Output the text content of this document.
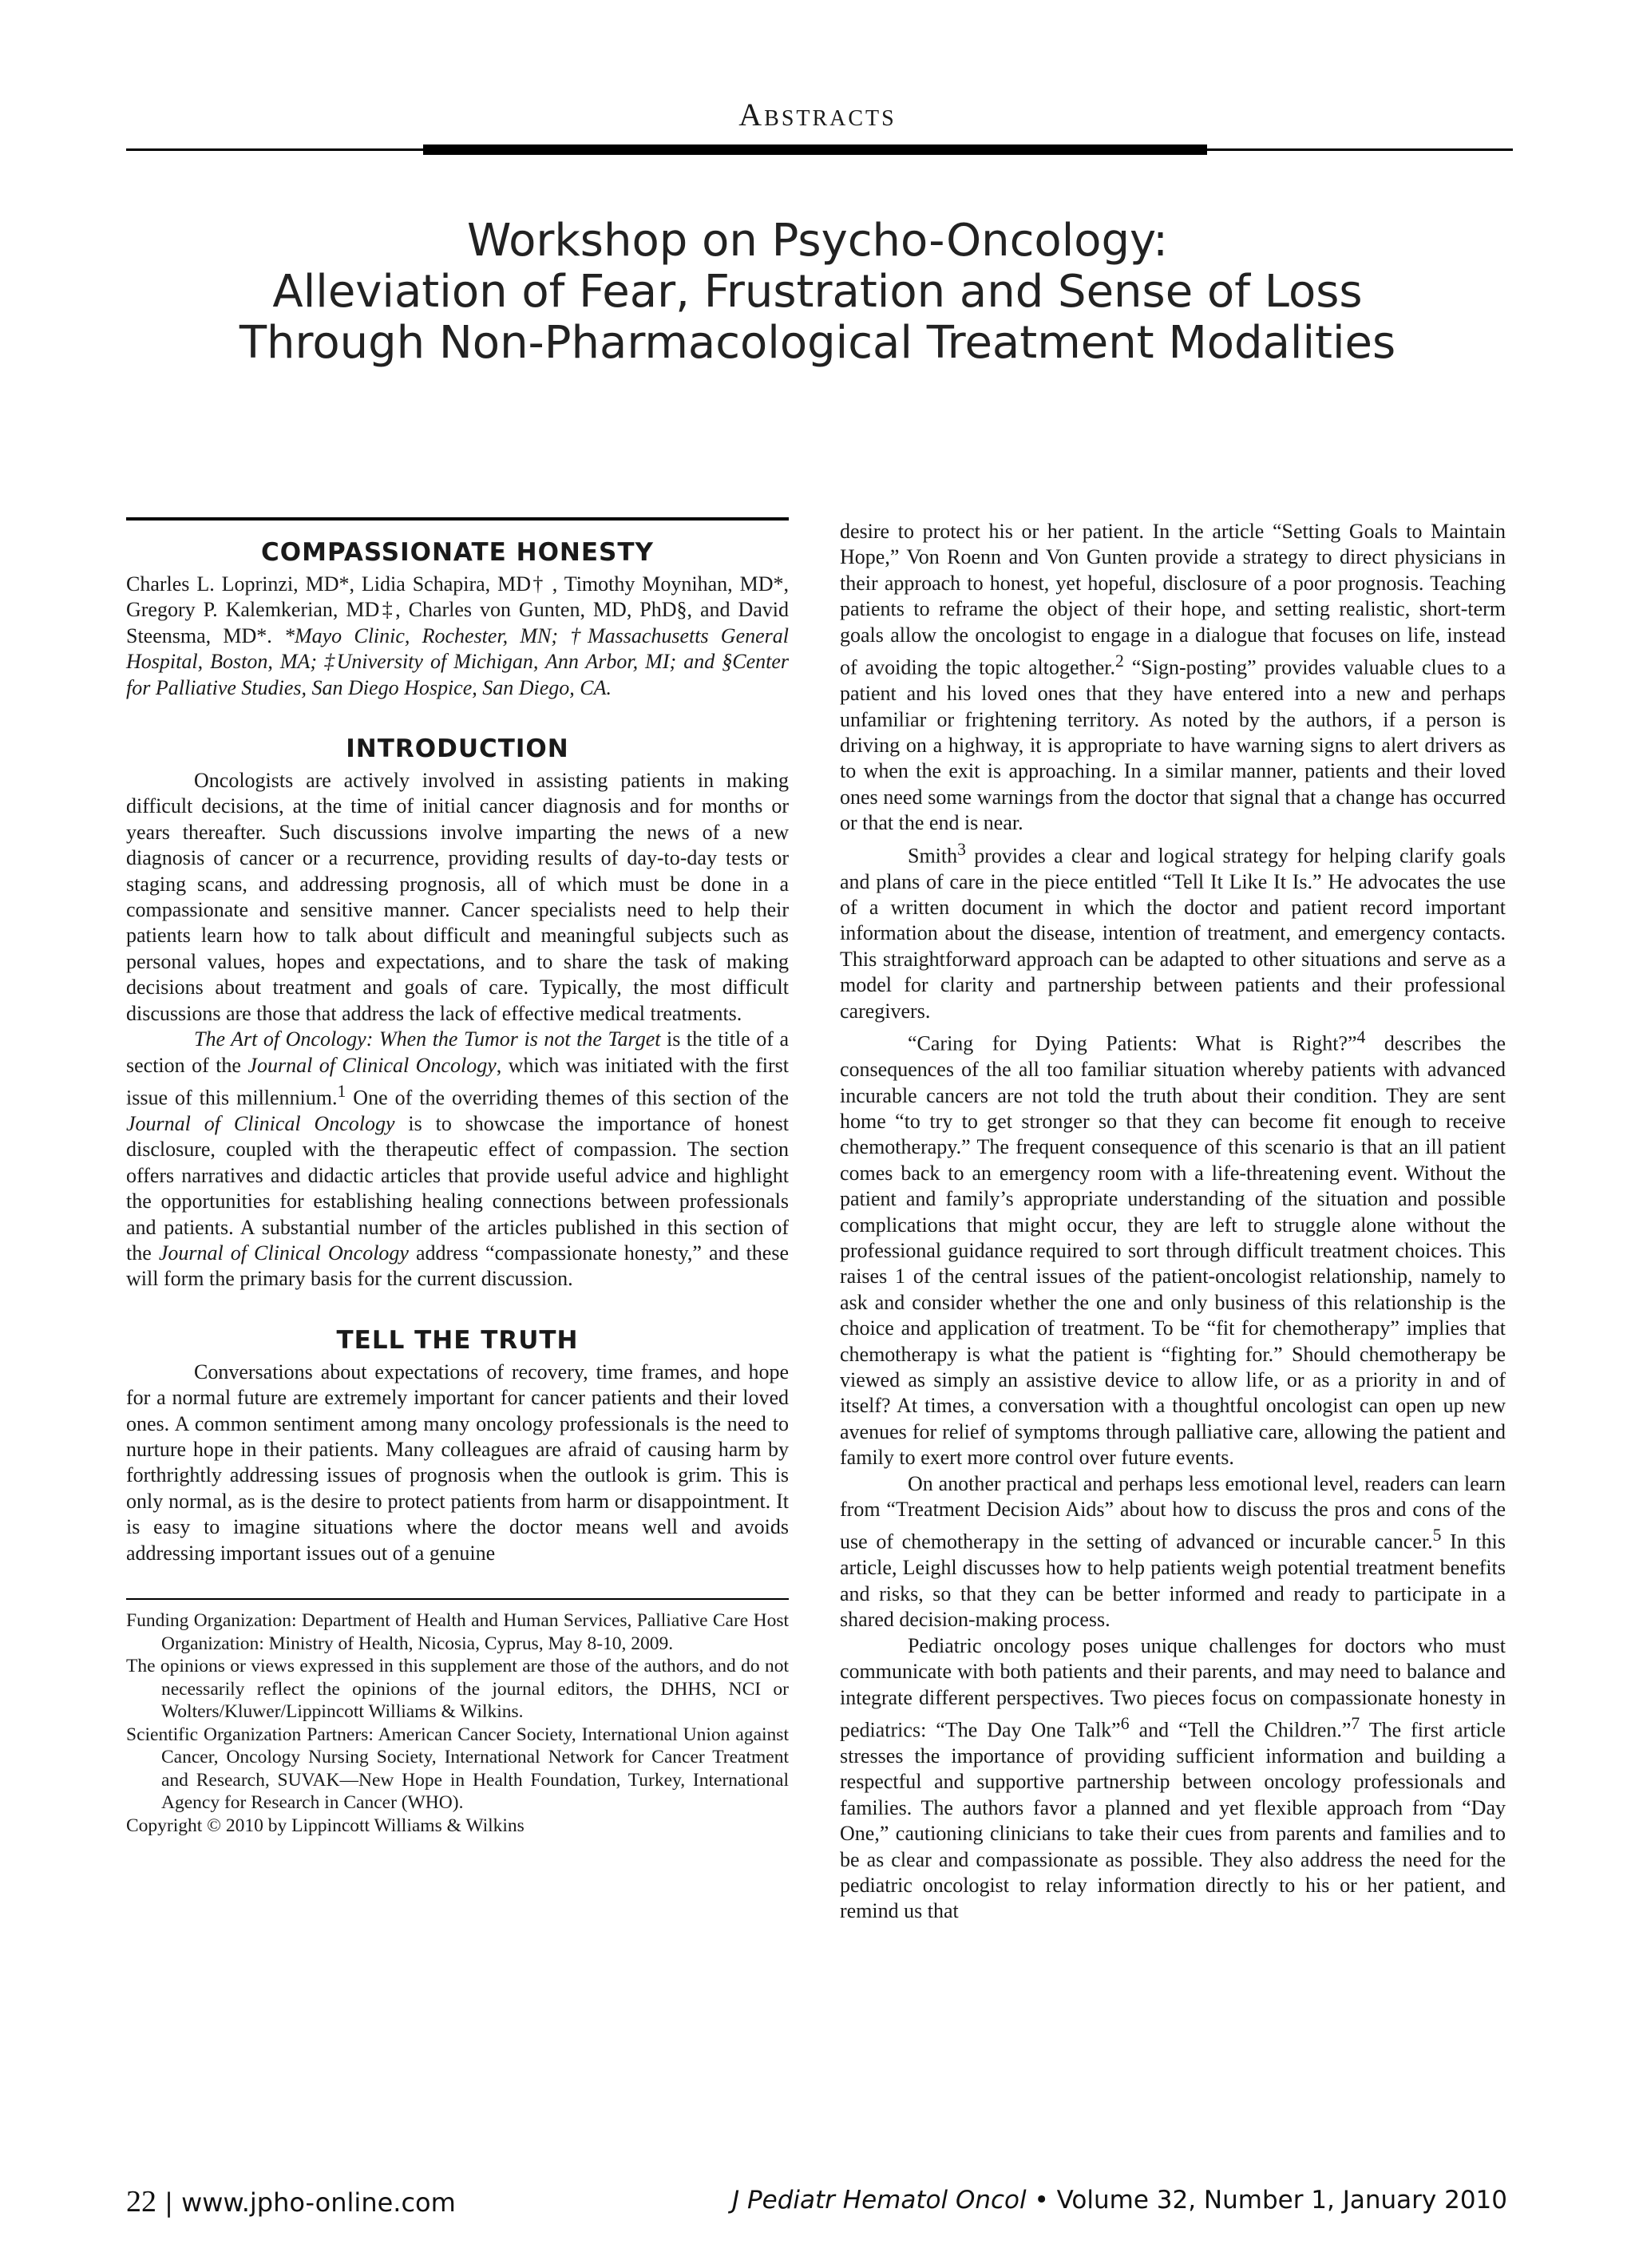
Abstracts
Workshop on Psycho-Oncology:
Alleviation of Fear, Frustration and Sense of Loss
Through Non-Pharmacological Treatment Modalities
COMPASSIONATE HONESTY
Charles L. Loprinzi, MD*, Lidia Schapira, MD† , Timothy Moynihan, MD*, Gregory P. Kalemkerian, MD‡, Charles von Gunten, MD, PhD§, and David Steensma, MD*. *Mayo Clinic, Rochester, MN; †Massachusetts General Hospital, Boston, MA; ‡University of Michigan, Ann Arbor, MI; and §Center for Palliative Studies, San Diego Hospice, San Diego, CA.
INTRODUCTION

Oncologists are actively involved in assisting patients in making difficult decisions, at the time of initial cancer diagnosis and for months or years thereafter. Such discussions involve imparting the news of a new diagnosis of cancer or a recurrence, providing results of day-to-day tests or staging scans, and addressing prognosis, all of which must be done in a compassionate and sensitive manner. Cancer specialists need to help their patients learn how to talk about difficult and meaningful subjects such as personal values, hopes and expectations, and to share the task of making decisions about treatment and goals of care. Typically, the most difficult discussions are those that address the lack of effective medical treatments.

The Art of Oncology: When the Tumor is not the Target is the title of a section of the Journal of Clinical Oncology, which was initiated with the first issue of this millennium.$^1$ One of the overriding themes of this section of the Journal of Clinical Oncology is to showcase the importance of honest disclosure, coupled with the therapeutic effect of compassion. The section offers narratives and didactic articles that provide useful advice and highlight the opportunities for establishing healing connections between professionals and patients. A substantial number of the articles published in this section of the Journal of Clinical Oncology address “compassionate honesty,” and these will form the primary basis for the current discussion.

TELL THE TRUTH

Conversations about expectations of recovery, time frames, and hope for a normal future are extremely important for cancer patients and their loved ones. A common sentiment among many oncology professionals is the need to nurture hope in their patients. Many colleagues are afraid of causing harm by forthrightly addressing issues of prognosis when the outlook is grim. This is only normal, as is the desire to protect patients from harm or disappointment. It is easy to imagine situations where the doctor means well and avoids addressing important issues out of a genuine

Funding Organization: Department of Health and Human Services, Palliative Care Host Organization: Ministry of Health, Nicosia, Cyprus, May 8-10, 2009.

The opinions or views expressed in this supplement are those of the authors, and do not necessarily reflect the opinions of the journal editors, the DHHS, NCI or Wolters/Kluwer/Lippincott Williams & Wilkins.

Scientific Organization Partners: American Cancer Society, International Union against Cancer, Oncology Nursing Society, International Network for Cancer Treatment and Research, SUVAK—New Hope in Health Foundation, Turkey, International Agency for Research in Cancer (WHO).

Copyright © 2010 by Lippincott Williams & Wilkins

desire to protect his or her patient. In the article “Setting Goals to Maintain Hope,” Von Roenn and Von Gunten provide a strategy to direct physicians in their approach to honest, yet hopeful, disclosure of a poor prognosis. Teaching patients to reframe the object of their hope, and setting realistic, short-term goals allow the oncologist to engage in a dialogue that focuses on life, instead of avoiding the topic altogether.$^2$ “Sign-posting” provides valuable clues to a patient and his loved ones that they have entered into a new and perhaps unfamiliar or frightening territory. As noted by the authors, if a person is driving on a highway, it is appropriate to have warning signs to alert drivers as to when the exit is approaching. In a similar manner, patients and their loved ones need some warnings from the doctor that signal that a change has occurred or that the end is near.

Smith$^3$ provides a clear and logical strategy for helping clarify goals and plans of care in the piece entitled “Tell It Like It Is.” He advocates the use of a written document in which the doctor and patient record important information about the disease, intention of treatment, and emergency contacts. This straightforward approach can be adapted to other situations and serve as a model for clarity and partnership between patients and their professional caregivers.

“Caring for Dying Patients: What is Right?”$^4$ describes the consequences of the all too familiar situation whereby patients with advanced incurable cancers are not told the truth about their condition. They are sent home “to try to get stronger so that they can become fit enough to receive chemotherapy.” The frequent consequence of this scenario is that an ill patient comes back to an emergency room with a life-threatening event. Without the patient and family’s appropriate understanding of the situation and possible complications that might occur, they are left to struggle alone without the professional guidance required to sort through difficult treatment choices. This raises 1 of the central issues of the patient-oncologist relationship, namely to ask and consider whether the one and only business of this relationship is the choice and application of treatment. To be “fit for chemotherapy” implies that chemotherapy is what the patient is “fighting for.” Should chemotherapy be viewed as simply an assistive device to allow life, or as a priority in and of itself? At times, a conversation with a thoughtful oncologist can open up new avenues for relief of symptoms through palliative care, allowing the patient and family to exert more control over future events.

On another practical and perhaps less emotional level, readers can learn from “Treatment Decision Aids” about how to discuss the pros and cons of the use of chemotherapy in the setting of advanced or incurable cancer.$^5$ In this article, Leighl discusses how to help patients weigh potential treatment benefits and risks, so that they can be better informed and ready to participate in a shared decision-making process.

Pediatric oncology poses unique challenges for doctors who must communicate with both patients and their parents, and may need to balance and integrate different perspectives. Two pieces focus on compassionate honesty in pediatrics: “The Day One Talk”$^6$ and “Tell the Children.”$^7$ The first article stresses the importance of providing sufficient information and building a respectful and supportive partnership between oncology professionals and families. The authors favor a planned and yet flexible approach from “Day One,” cautioning clinicians to take their cues from parents and families and to be as clear and compassionate as possible. They also address the need for the pediatric oncologist to relay information directly to his or her patient, and remind us that

22 | www.jpho-online.com	J Pediatr Hematol Oncol • Volume 32, Number 1, January 2010
